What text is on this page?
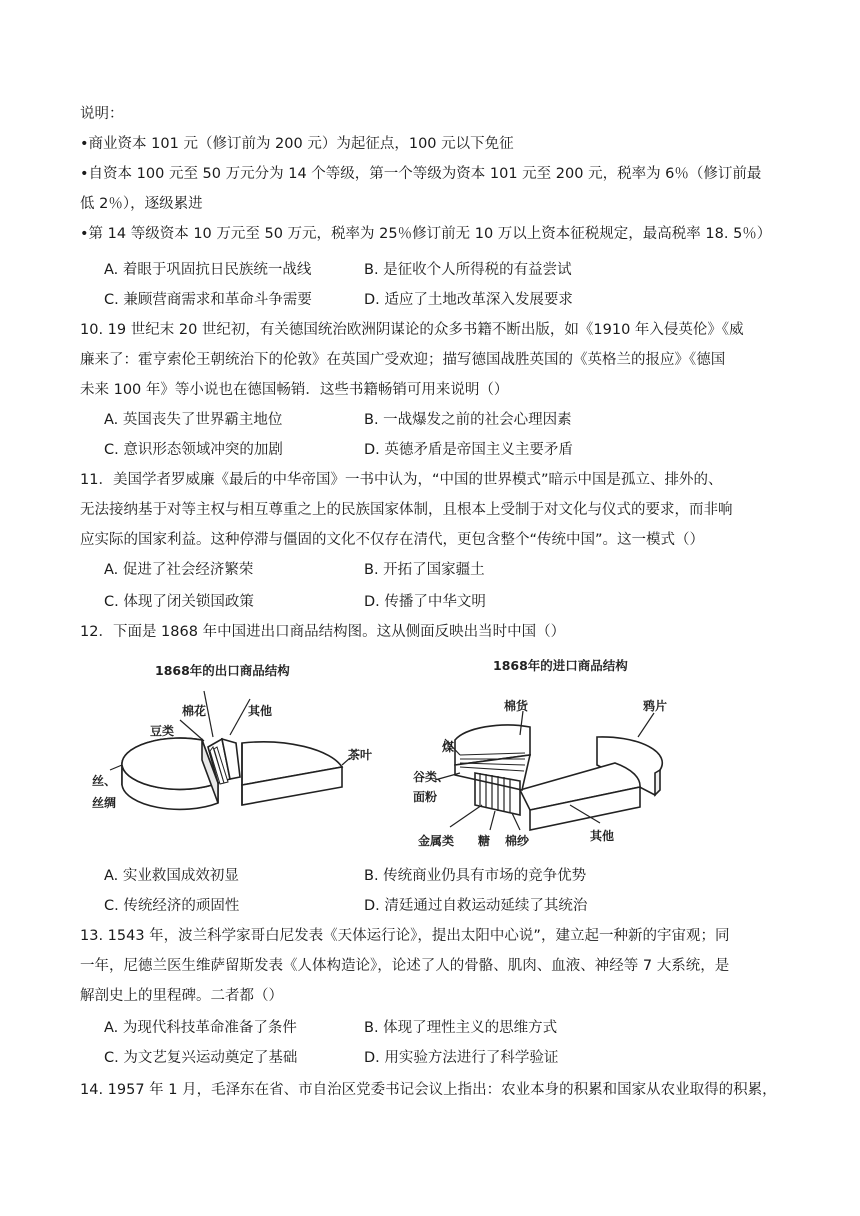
说明：
•商业资本 101 元（修订前为 200 元）为起征点，100 元以下免征
•自资本 100 元至 50 万元分为 14 个等级，第一个等级为资本 101 元至 200 元，税率为 6％（修订前最
低 2％），逐级累进
•第 14 等级资本 10 万元至 50 万元，税率为 25％修订前无 10 万以上资本征税规定，最高税率 18. 5％）
A. 着眼于巩固抗日民族统一战线	B. 是征收个人所得税的有益尝试
C. 兼顾营商需求和革命斗争需要	D. 适应了土地改革深入发展要求
10. 19 世纪末 20 世纪初，有关德国统治欧洲阴谋论的众多书籍不断出版，如《1910 年入侵英伦》《威
廉来了：霍亨索伦王朝统治下的伦敦》在英国广受欢迎；描写德国战胜英国的《英格兰的报应》《德国
未来 100 年》等小说也在德国畅销．这些书籍畅销可用来说明（）
A. 英国丧失了世界霸主地位	B. 一战爆发之前的社会心理因素
C. 意识形态领域冲突的加剧	D. 英德矛盾是帝国主义主要矛盾
11．美国学者罗威廉《最后的中华帝国》一书中认为，“中国的世界模式”暗示中国是孤立、排外的、
无法接纳基于对等主权与相互尊重之上的民族国家体制，且根本上受制于对文化与仪式的要求，而非响
应实际的国家利益。这种停滞与僵固的文化不仅存在清代，更包含整个“传统中国”。这一模式（）
A. 促进了社会经济繁荣	B. 开拓了国家疆土
C. 体现了闭关锁国政策	D. 传播了中华文明
12．下面是 1868 年中国进出口商品结构图。这从侧面反映出当时中国（）
1868年的出口商品结构	1868年的进口商品结构
棉花	其他
豆类
丝、
丝绸
茶叶
棉货	鸦片
煤
谷类、
面粉
金属类 糖 棉纱	其他
A. 实业救国成效初显	B. 传统商业仍具有市场的竞争优势
C. 传统经济的顽固性	D. 清廷通过自救运动延续了其统治
13. 1543 年，波兰科学家哥白尼发表《天体运行论》，提出太阳中心说”，建立起一种新的宇宙观；同
一年，尼德兰医生维萨留斯发表《人体构造论》，论述了人的骨骼、肌肉、血液、神经等 7 大系统，是
解剖史上的里程碑。二者都（）
A. 为现代科技革命准备了条件	B. 体现了理性主义的思维方式
C. 为文艺复兴运动奠定了基础	D. 用实验方法进行了科学验证
14. 1957 年 1 月，毛泽东在省、市自治区党委书记会议上指出：农业本身的积累和国家从农业取得的积累，
